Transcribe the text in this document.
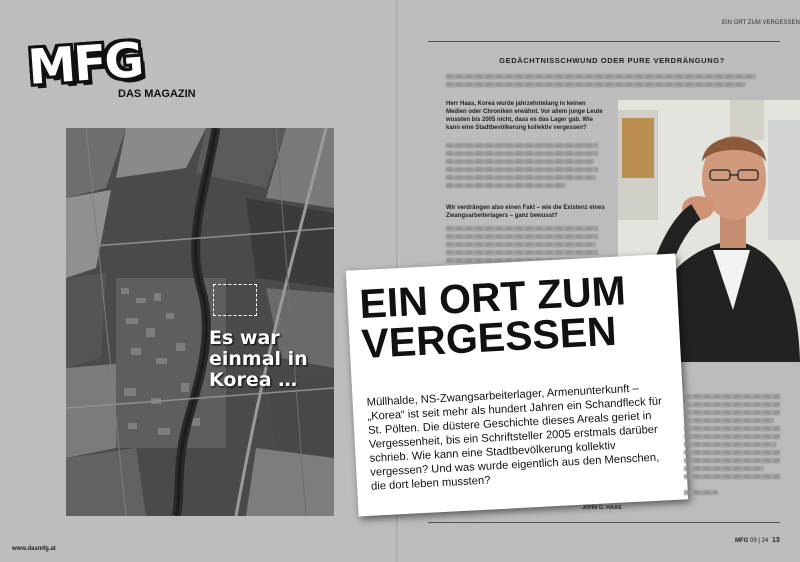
MFG
DAS MAGAZIN
Es war einmal in Korea …
www.dasmfg.at
EIN ORT ZUM VERGESSEN
GEDÄCHTNISSCHWUND ODER PURE VERDRÄNGUNG?
Herr Haas, Korea wurde jahrzehntelang in keinen Medien oder Chroniken erwähnt. Vor allem junge Leute wussten bis 2005 nicht, dass es das Lager gab. Wie kann eine Stadtbevölkerung kollektiv vergessen?
Wir verdrängen also einen Fakt – wie die Existenz eines Zwangsarbeiterlagers – ganz bewusst?
EIN ORT ZUM VERGESSEN
Müllhalde, NS-Zwangsarbeiterlager, Armenunterkunft – „Korea“ ist seit mehr als hundert Jahren ein Schandfleck für St. Pölten. Die düstere Geschichte dieses Areals geriet in Vergessenheit, bis ein Schriftsteller 2005 erstmals darüber schrieb. Wie kann eine Stadtbevölkerung kollektiv vergessen? Und was wurde eigentlich aus den Menschen, die dort leben mussten?
JOHN G. HAAS
MFG 09 | 24 13
